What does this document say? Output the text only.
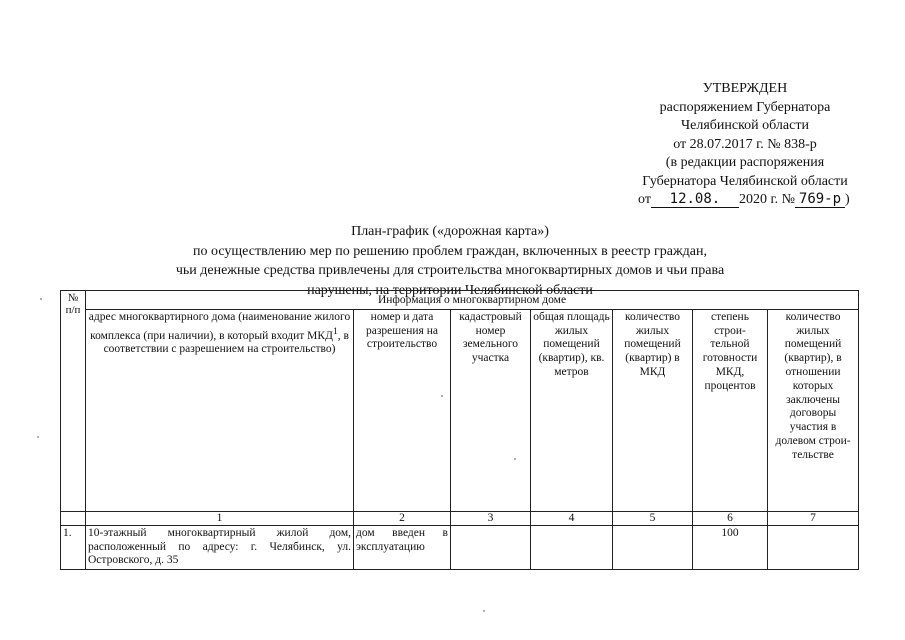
УТВЕРЖДЕН
распоряжением Губернатора
Челябинской области
от 28.07.2017 г. № 838-р
(в редакции распоряжения
Губернатора Челябинской области
от 12.08. 2020 г. № 769-р )
План-график («дорожная карта»)
по осуществлению мер по решению проблем граждан, включенных в реестр граждан,
чьи денежные средства привлечены для строительства многоквартирных домов и чьи права
нарушены, на территории Челябинской области
№ п/п	Информация о многоквартирном доме						
	адрес многоквартирного дома (наименование жилого комплекса (при наличии), в который входит МКД$^1$, в соответствии с разрешением на строительство)	номер и дата разрешения на строительство	кадастровый номер земельного участка	общая площадь жилых помещений (квартир), кв. метров	количество жилых помещений (квартир) в МКД	степень строи-тельной готовности МКД, процентов	количество жилых помещений (квартир), в отношении которых заключены договоры участия в долевом строи-тельстве
	1	2	3	4	5	6	7
1.	10-этажный многоквартирный жилой дом, расположенный по адресу: г. Челябинск, ул. Островского, д. 35	дом введен в эксплуатацию				100	
